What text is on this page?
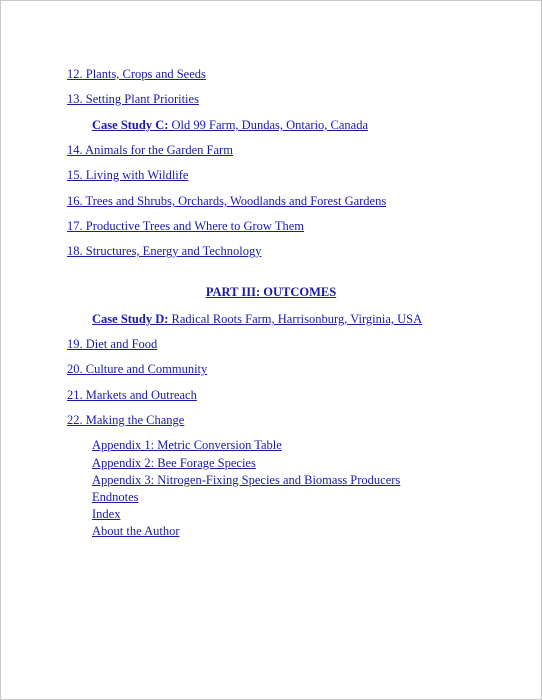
12. Plants, Crops and Seeds
13. Setting Plant Priorities
Case Study C: Old 99 Farm, Dundas, Ontario, Canada
14. Animals for the Garden Farm
15. Living with Wildlife
16. Trees and Shrubs, Orchards, Woodlands and Forest Gardens
17. Productive Trees and Where to Grow Them
18. Structures, Energy and Technology
PART III: OUTCOMES
Case Study D: Radical Roots Farm, Harrisonburg, Virginia, USA
19. Diet and Food
20. Culture and Community
21. Markets and Outreach
22. Making the Change
Appendix 1: Metric Conversion Table
Appendix 2: Bee Forage Species
Appendix 3: Nitrogen-Fixing Species and Biomass Producers
Endnotes
Index
About the Author
